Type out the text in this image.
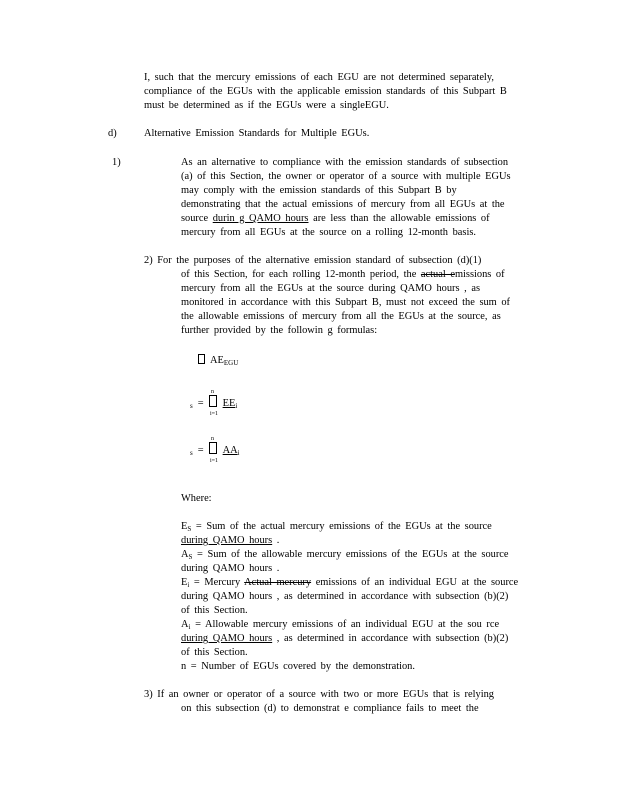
I, such that the mercury emissions of each EGU are not determined separately,
compliance of the EGUs with the applicable emission standards of this Subpart B
must be determined as if the EGUs were a singleEGU.
d)	Alternative Emission Standards for Multiple EGUs.
1)	As an alternative to compliance with the emission standards of subsection
(a) of this Section, the owner or operator of a source with multiple EGUs
may comply with the emission standards of this Subpart B by
demonstrating that the actual emissions of mercury from all EGUs at the
source durin g QAMO hours are less than the allowable emissions of
mercury from all EGUs at the source on a rolling 12-month basis.
2) For the purposes of the alternative emission standard of subsection (d)(1)
of this Section, for each rolling 12-month period, the actual emissions of
mercury from all the EGUs at the source during QAMO hours , as
monitored in accordance with this Subpart B, must not exceed the sum of
the allowable emissions of mercury from all the EGUs at the source, as
further provided by the followin g formulas:
$AE_{EGU}$
n
$_s = EE_i$
i=1
n
$_s = AA_i$
i=1
Where:
$E_S$ = Sum of the actual mercury emissions of the EGUs at the source
during QAMO hours .
$A_S$ = Sum of the allowable mercury emissions of the EGUs at the source
during QAMO hours .
$E_i$ = Mercury Actual mercury emissions of an individual EGU at the source
during QAMO hours , as determined in accordance with subsection (b)(2)
of this Section.
$A_i$ = Allowable mercury emissions of an individual EGU at the sou rce
during QAMO hours , as determined in accordance with subsection (b)(2)
of this Section.
n = Number of EGUs covered by the demonstration.
3) If an owner or operator of a source with two or more EGUs that is relying
on this subsection (d) to demonstrat e compliance fails to meet the
